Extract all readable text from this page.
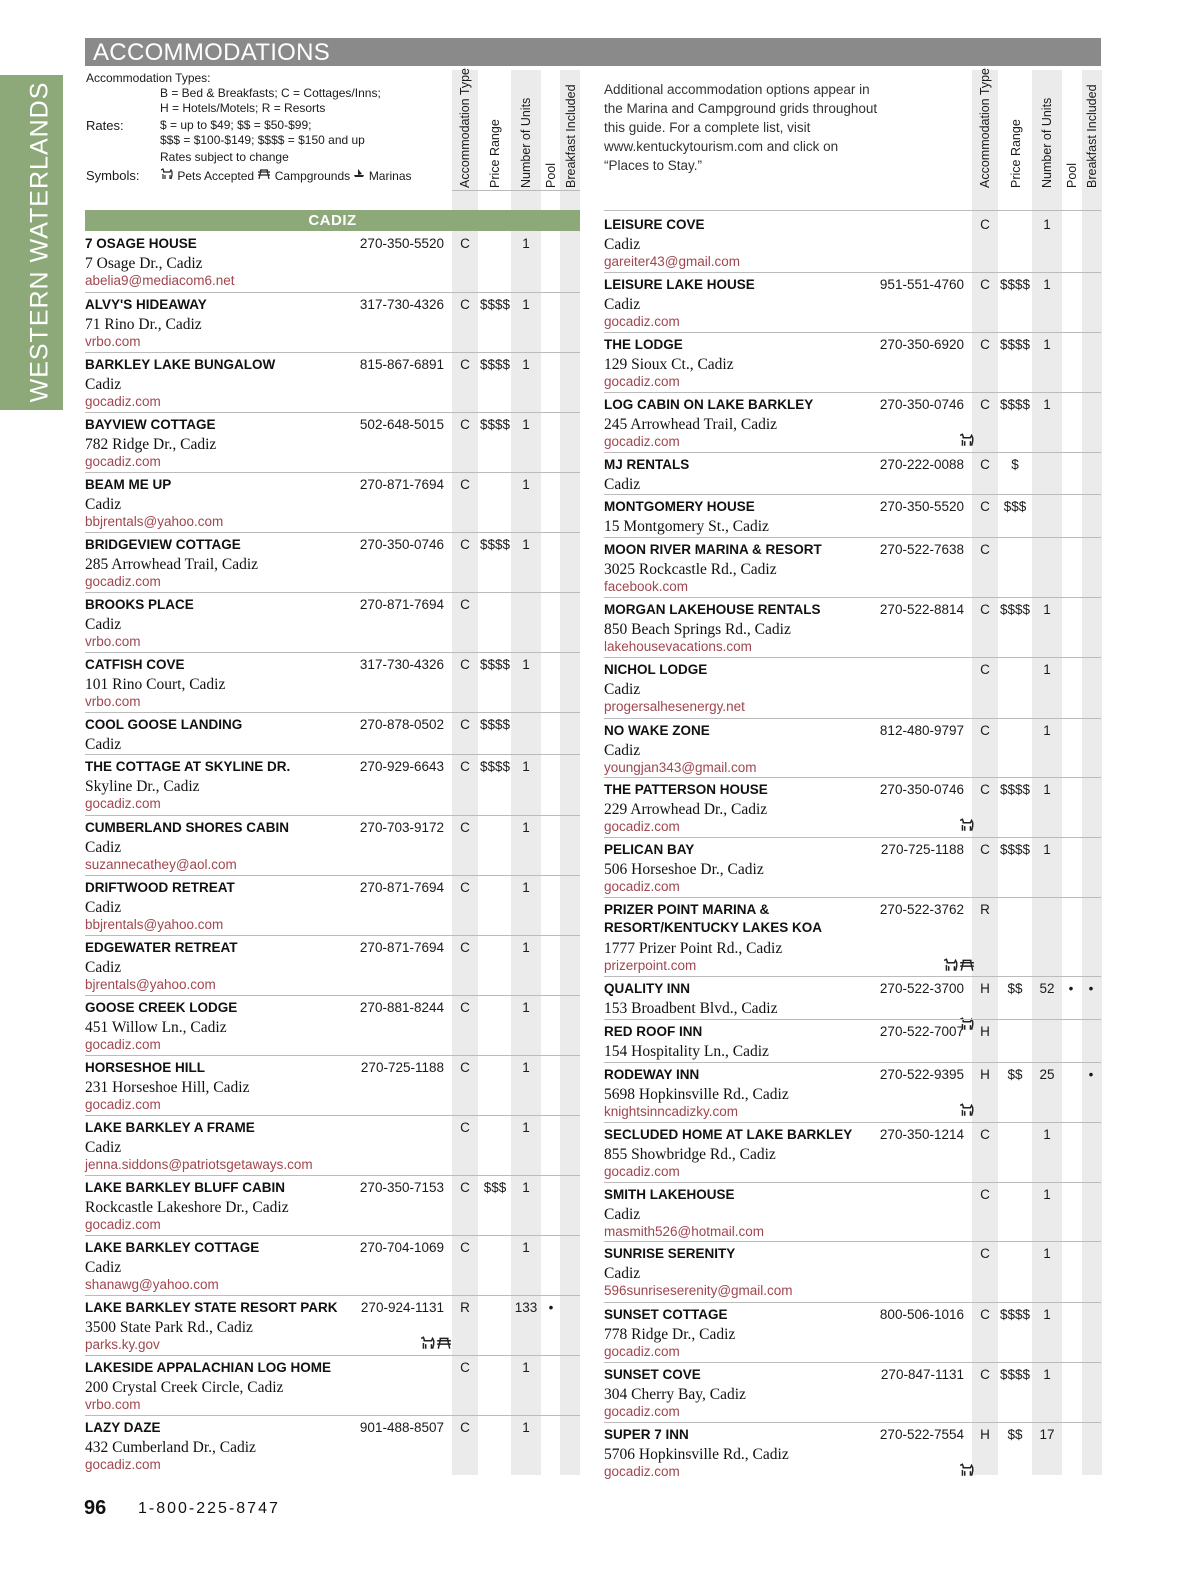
WESTERN WATERLANDS
ACCOMMODATIONS
Accommodation Types:
B = Bed & Breakfasts; C = Cottages/Inns;
H = Hotels/Motels; R = Resorts
Rates:	$ = up to $49; $$ = $50-$99;
$$$ = $100-$149; $$$$ = $150 and up
Rates subject to change
Symbols:	Pets Accepted Campgrounds Marinas
Additional accommodation options appear in the Marina and Campground grids throughout this guide. For a complete list, visit www.kentuckytourism.com and click on “Places to Stay.”
Accommodation Type Price Range Number of Units Pool Breakfast Included	Accommodation Type Price Range Number of Units Pool Breakfast Included
CADIZ
96 1-800-225-8747
7 OSAGE HOUSE
7 Osage Dr., Cadiz
abelia9@mediacom6.net
270-350-5520 C	1
ALVY'S HIDEAWAY
71 Rino Dr., Cadiz
vrbo.com
317-730-4326 C $$$$ 1
BARKLEY LAKE BUNGALOW
Cadiz
gocadiz.com
815-867-6891 C $$$$ 1
BAYVIEW COTTAGE
782 Ridge Dr., Cadiz
gocadiz.com
502-648-5015 C $$$$ 1
BEAM ME UP
Cadiz
bbjrentals@yahoo.com
270-871-7694 C	1
BRIDGEVIEW COTTAGE
285 Arrowhead Trail, Cadiz
gocadiz.com
270-350-0746 C $$$$ 1
BROOKS PLACE
Cadiz
vrbo.com
270-871-7694 C
CATFISH COVE
101 Rino Court, Cadiz
vrbo.com
317-730-4326 C $$$$ 1
COOL GOOSE LANDING
Cadiz
270-878-0502 C $$$$
THE COTTAGE AT SKYLINE DR.
Skyline Dr., Cadiz
gocadiz.com
270-929-6643 C $$$$ 1
CUMBERLAND SHORES CABIN
Cadiz
suzannecathey@aol.com
270-703-9172 C	1
DRIFTWOOD RETREAT
Cadiz
bbjrentals@yahoo.com
270-871-7694 C	1
EDGEWATER RETREAT
Cadiz
bjrentals@yahoo.com
270-871-7694 C	1
GOOSE CREEK LODGE
451 Willow Ln., Cadiz
gocadiz.com
270-881-8244 C	1
HORSESHOE HILL
231 Horseshoe Hill, Cadiz
gocadiz.com
270-725-1188 C	1
LAKE BARKLEY A FRAME
Cadiz
jenna.siddons@patriotsgetaways.com
C	1
LAKE BARKLEY BLUFF CABIN
Rockcastle Lakeshore Dr., Cadiz
gocadiz.com
270-350-7153 C	$$$	1
LAKE BARKLEY COTTAGE
Cadiz
shanawg@yahoo.com
270-704-1069 C	1
LAKE BARKLEY STATE RESORT PARK
3500 State Park Rd., Cadiz
parks.ky.gov
270-924-1131 R	133 •
LAKESIDE APPALACHIAN LOG HOME
200 Crystal Creek Circle, Cadiz
vrbo.com
C	1
LAZY DAZE
432 Cumberland Dr., Cadiz
gocadiz.com
901-488-8507 C	1
LEISURE COVE
Cadiz
gareiter43@gmail.com
C	1
LEISURE LAKE HOUSE
Cadiz
gocadiz.com
951-551-4760 C $$$$ 1
THE LODGE
129 Sioux Ct., Cadiz
gocadiz.com
270-350-6920 C $$$$ 1
LOG CABIN ON LAKE BARKLEY
245 Arrowhead Trail, Cadiz
gocadiz.com
270-350-0746 C $$$$ 1
MJ RENTALS
Cadiz
270-222-0088 C	$
MONTGOMERY HOUSE
15 Montgomery St., Cadiz
270-350-5520 C	$$$
MOON RIVER MARINA & RESORT
3025 Rockcastle Rd., Cadiz
facebook.com
270-522-7638 C
MORGAN LAKEHOUSE RENTALS
850 Beach Springs Rd., Cadiz
lakehousevacations.com
270-522-8814 C $$$$ 1
NICHOL LODGE
Cadiz
progersalhesenergy.net
C	1
NO WAKE ZONE
Cadiz
youngjan343@gmail.com
812-480-9797 C	1
THE PATTERSON HOUSE
229 Arrowhead Dr., Cadiz
gocadiz.com
270-350-0746 C $$$$ 1
PELICAN BAY
506 Horseshoe Dr., Cadiz
gocadiz.com
270-725-1188 C $$$$ 1
PRIZER POINT MARINA &
RESORT/KENTUCKY LAKES KOA
1777 Prizer Point Rd., Cadiz
prizerpoint.com
270-522-3762 R
QUALITY INN
153 Broadbent Blvd., Cadiz
270-522-3700 H	$$	52	•	•
RED ROOF INN
154 Hospitality Ln., Cadiz
270-522-7007 H
RODEWAY INN
5698 Hopkinsville Rd., Cadiz
knightsinncadizky.com
270-522-9395 H	$$	25	•
SECLUDED HOME AT LAKE BARKLEY
855 Showbridge Rd., Cadiz
gocadiz.com
270-350-1214 C	1
SMITH LAKEHOUSE
Cadiz
masmith526@hotmail.com
C	1
SUNRISE SERENITY
Cadiz
596sunriseserenity@gmail.com
C	1
SUNSET COTTAGE
778 Ridge Dr., Cadiz
gocadiz.com
800-506-1016 C $$$$ 1
SUNSET COVE
304 Cherry Bay, Cadiz
gocadiz.com
270-847-1131 C $$$$ 1
SUPER 7 INN
5706 Hopkinsville Rd., Cadiz
gocadiz.com
270-522-7554 H	$$	17
